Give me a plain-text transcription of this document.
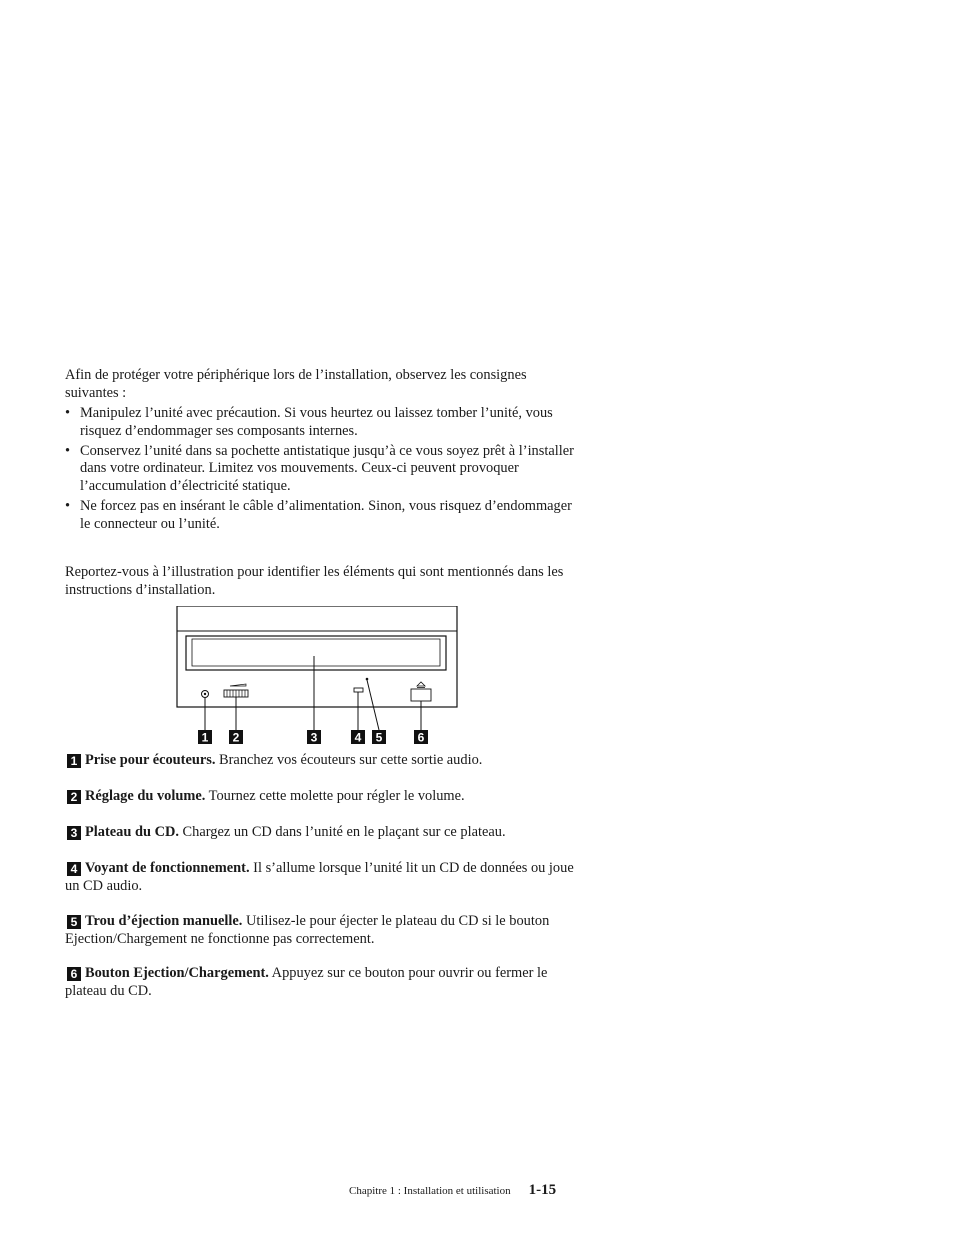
Afin de protéger votre périphérique lors de l’installation, observez les consignes suivantes :
• Manipulez l’unité avec précaution. Si vous heurtez ou laissez tomber l’unité, vous risquez d’endommager ses composants internes.
• Conservez l’unité dans sa pochette antistatique jusqu’à ce vous soyez prêt à l’installer dans votre ordinateur. Limitez vos mouvements. Ceux-ci peuvent provoquer l’accumulation d’électricité statique.
• Ne forcez pas en insérant le câble d’alimentation. Sinon, vous risquez d’endommager le connecteur ou l’unité.
Reportez-vous à l’illustration pour identifier les éléments qui sont mentionnés dans les instructions d’installation.
1 2	3	4 5	6
1 Prise pour écouteurs. Branchez vos écouteurs sur cette sortie audio.
2 Réglage du volume. Tournez cette molette pour régler le volume.
3 Plateau du CD. Chargez un CD dans l’unité en le plaçant sur ce plateau.
4 Voyant de fonctionnement. Il s’allume lorsque l’unité lit un CD de données ou joue un CD audio.
5 Trou d’éjection manuelle. Utilisez-le pour éjecter le plateau du CD si le bouton Ejection/Chargement ne fonctionne pas correctement.
6 Bouton Ejection/Chargement. Appuyez sur ce bouton pour ouvrir ou fermer le plateau du CD.
Chapitre 1 : Installation et utilisation 1-15
